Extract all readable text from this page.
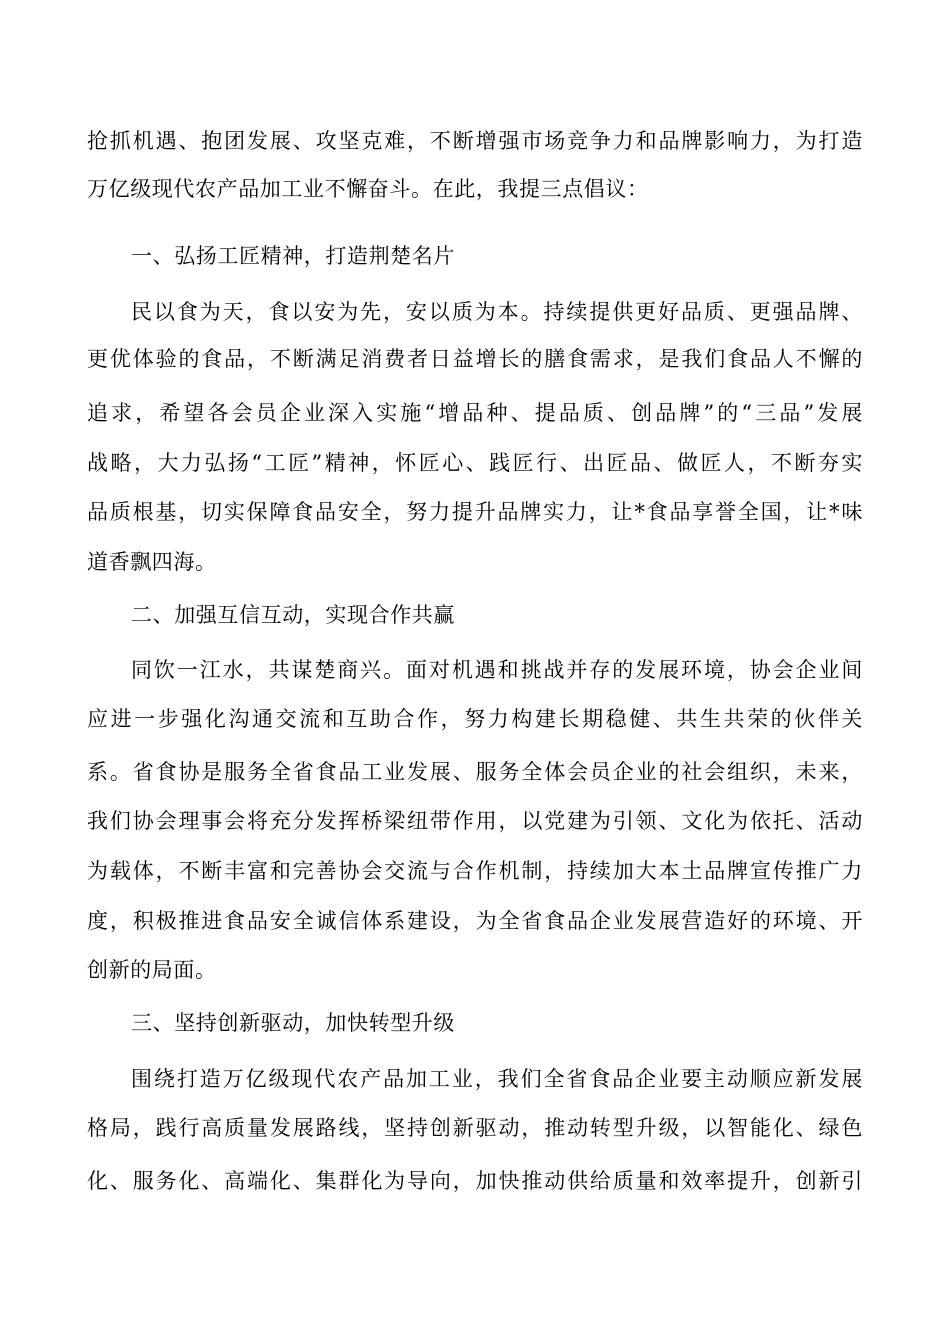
抢抓机遇、抱团发展、攻坚克难，不断增强市场竞争力和品牌影响力，为打造
万亿级现代农产品加工业不懈奋斗。在此，我提三点倡议：
一、弘扬工匠精神，打造荆楚名片
民以食为天，食以安为先，安以质为本。持续提供更好品质、更强品牌、
更优体验的食品，不断满足消费者日益增长的膳食需求，是我们食品人不懈的
追求，希望各会员企业深入实施“增品种、提品质、创品牌”的“三品”发展
战略，大力弘扬“工匠”精神，怀匠心、践匠行、出匠品、做匠人，不断夯实
品质根基，切实保障食品安全，努力提升品牌实力，让*食品享誉全国，让*味
道香飘四海。
二、加强互信互动，实现合作共赢
同饮一江水，共谋楚商兴。面对机遇和挑战并存的发展环境，协会企业间
应进一步强化沟通交流和互助合作，努力构建长期稳健、共生共荣的伙伴关
系。省食协是服务全省食品工业发展、服务全体会员企业的社会组织，未来，
我们协会理事会将充分发挥桥梁纽带作用，以党建为引领、文化为依托、活动
为载体，不断丰富和完善协会交流与合作机制，持续加大本土品牌宣传推广力
度，积极推进食品安全诚信体系建设，为全省食品企业发展营造好的环境、开
创新的局面。
三、坚持创新驱动，加快转型升级
围绕打造万亿级现代农产品加工业，我们全省食品企业要主动顺应新发展
格局，践行高质量发展路线，坚持创新驱动，推动转型升级，以智能化、绿色
化、服务化、高端化、集群化为导向，加快推动供给质量和效率提升，创新引
